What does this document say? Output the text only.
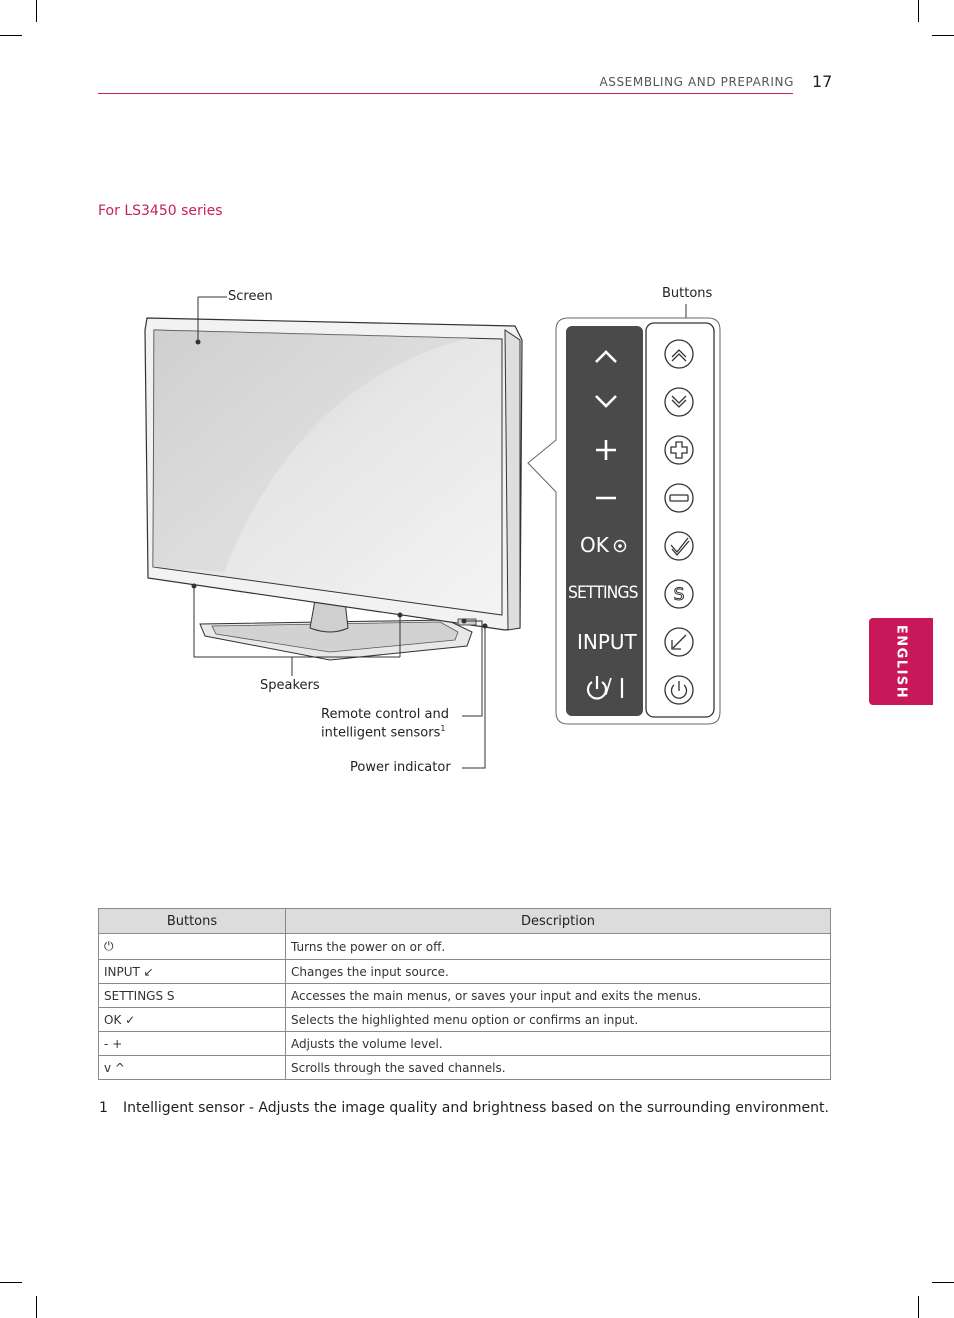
ASSEMBLING AND PREPARING 17
For LS3450 series
ENGLISH
S
OK
SETTINGS
INPUT
/
Screen	Buttons
Speakers
Remote control and
intelligent sensors$^1$
Power indicator
Buttons	Description
⏻	Turns the power on or off.
INPUT ↙	Changes the input source.
SETTINGS S	Accesses the main menus, or saves your input and exits the menus.
OK ✓	Selects the highlighted menu option or confirms an input.
- +	Adjusts the volume level.
v ^	Scrolls through the saved channels.
1 Intelligent sensor - Adjusts the image quality and brightness based on the surrounding environment.
